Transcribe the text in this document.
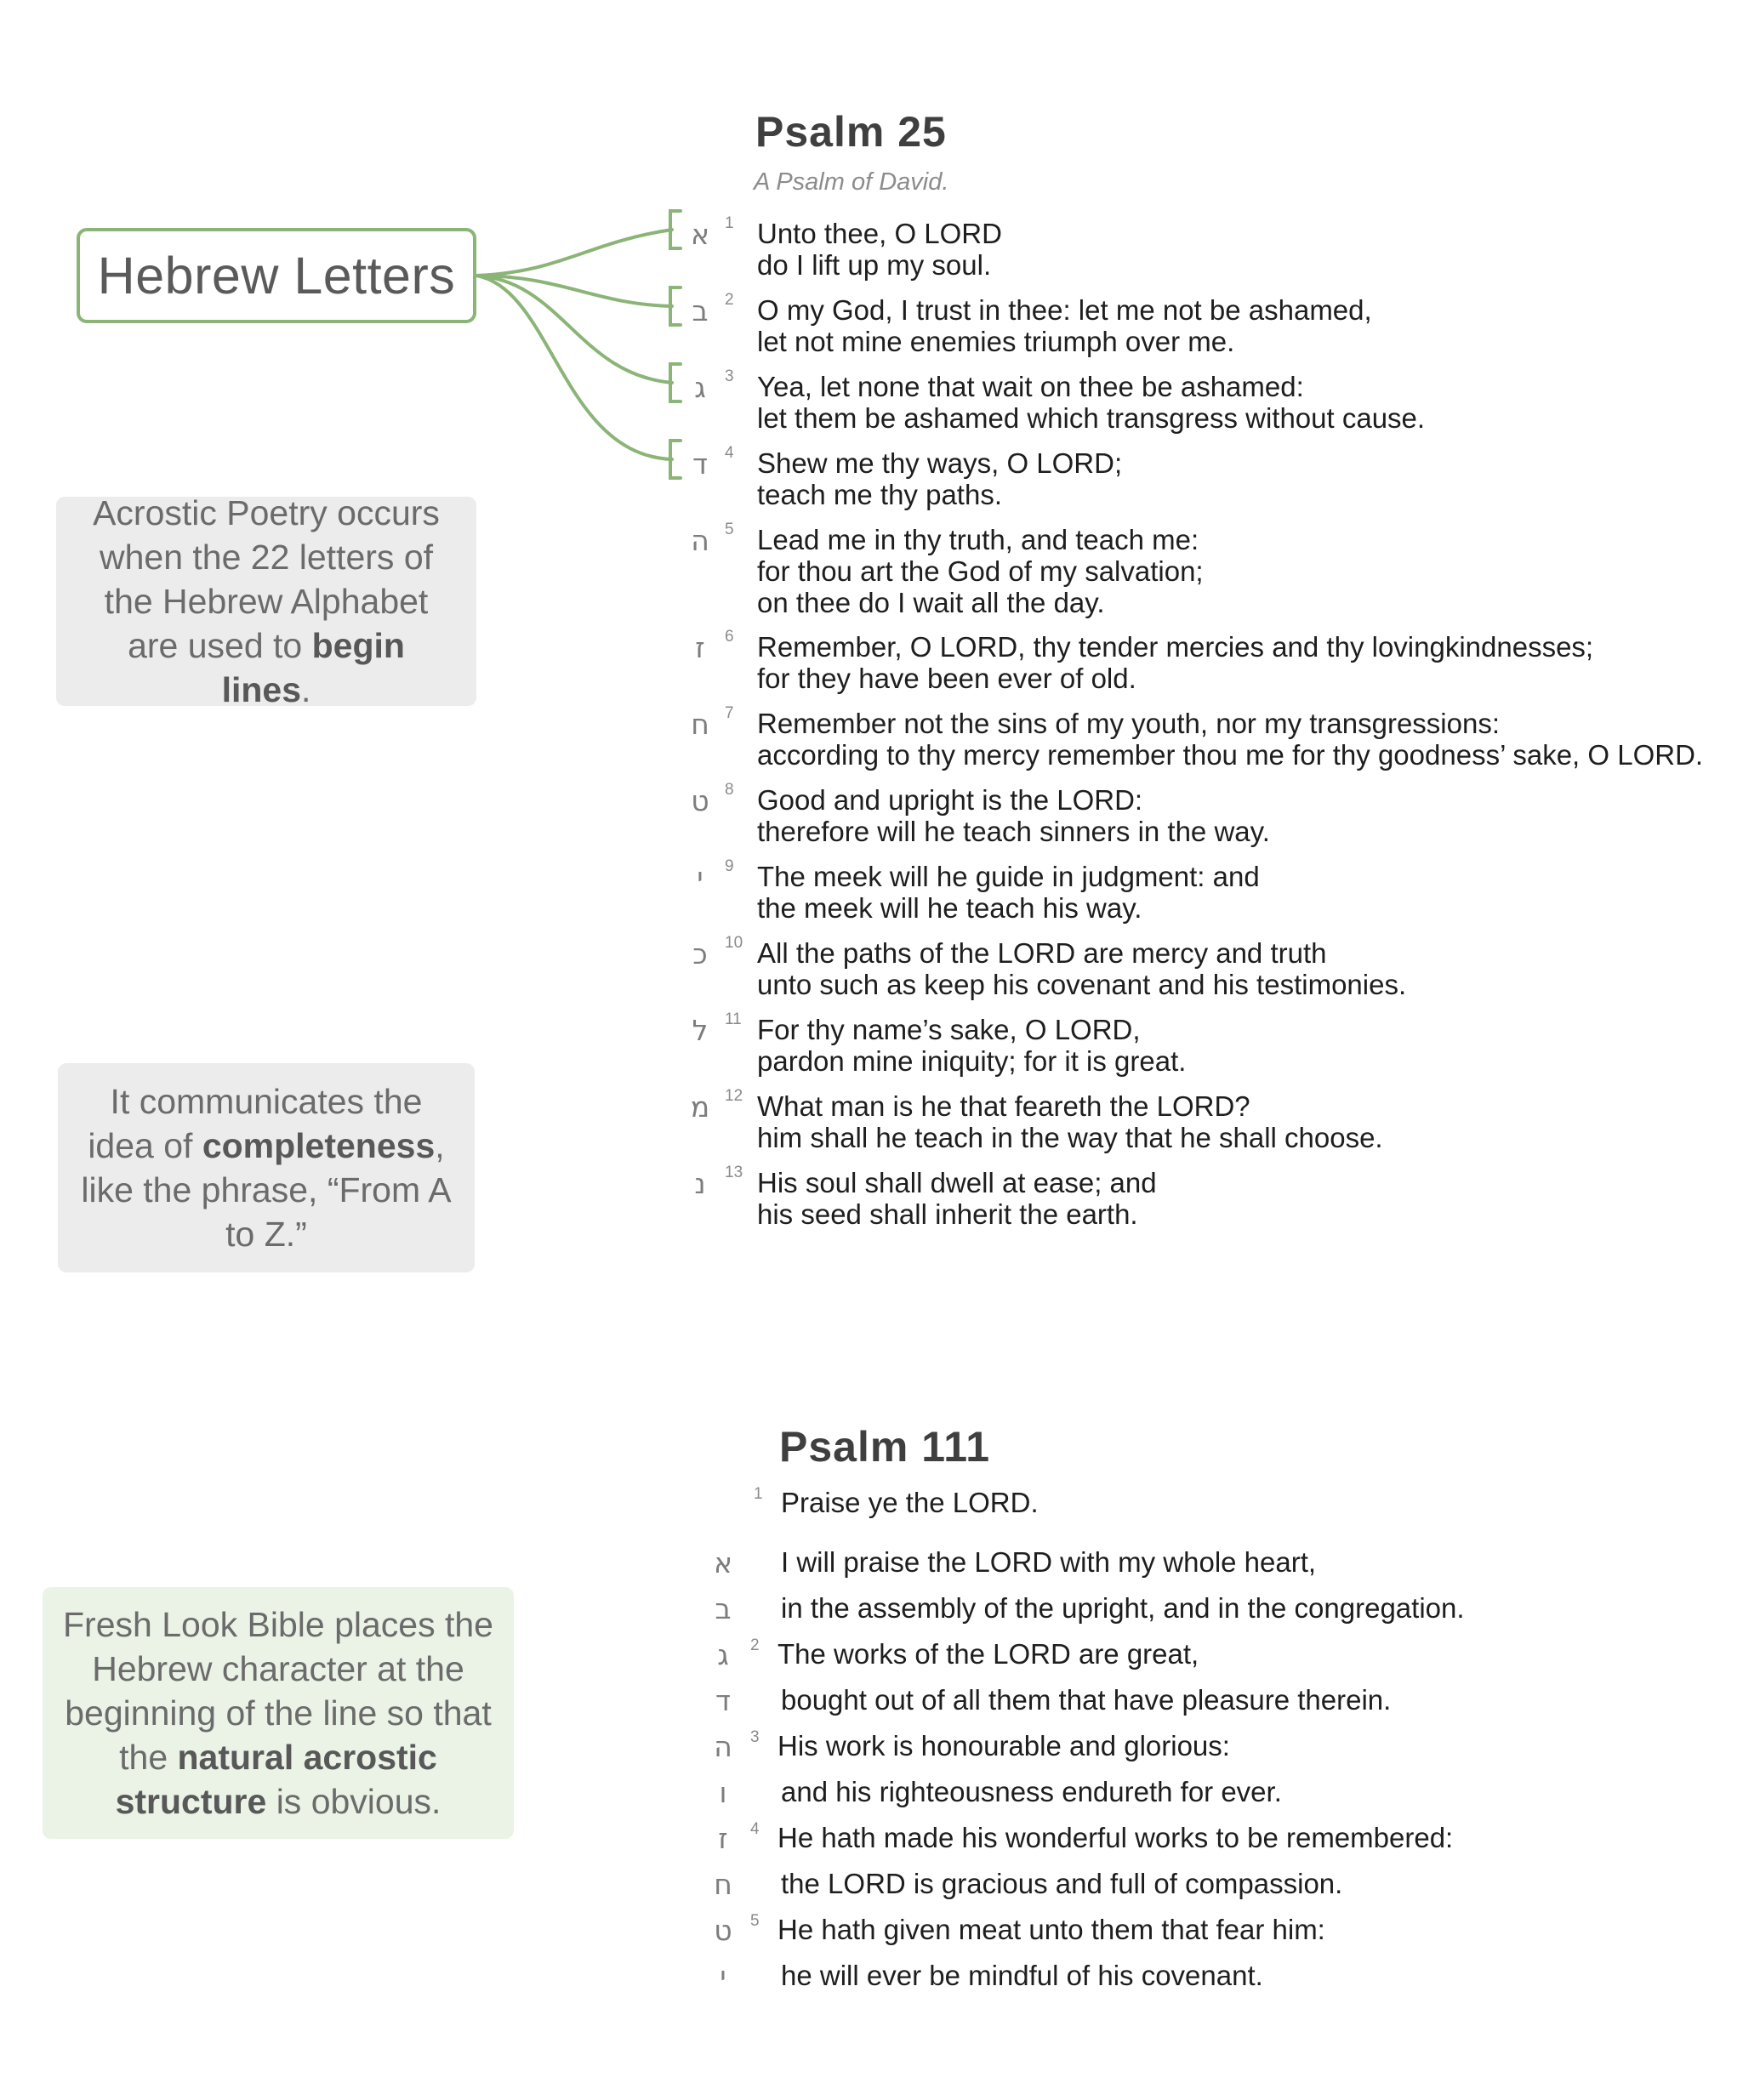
Hebrew Letters
Acrostic Poetry occurs when the 22 letters of the Hebrew Alphabet are used to begin lines.
It communicates the idea of completeness, like the phrase, “From A to Z.”
Fresh Look Bible places the Hebrew character at the beginning of the line so that the natural acrostic structure is obvious.
Psalm 25
A Psalm of David.
א 1 Unto thee, O LORD
do I lift up my soul.
ב	2 O my God, I trust in thee: let me not be ashamed,
let not mine enemies triumph over me.
ג	3 Yea, let none that wait on thee be ashamed:
let them be ashamed which transgress without cause.
ד	4 Shew me thy ways, O LORD;
teach me thy paths.
ה 5 Lead me in thy truth, and teach me:
for thou art the God of my salvation;
on thee do I wait all the day.
ז	6 Remember, O LORD, thy tender mercies and thy lovingkindnesses;
for they have been ever of old.
ח 7 Remember not the sins of my youth, nor my transgressions:
according to thy mercy remember thou me for thy goodness’ sake, O LORD.
ט 8 Good and upright is the LORD:
therefore will he teach sinners in the way.
י	9 The meek will he guide in judgment: and
the meek will he teach his way.
כ	10 All the paths of the LORD are mercy and truth
unto such as keep his covenant and his testimonies.
ל	11 For thy name’s sake, O LORD,
pardon mine iniquity; for it is great.
מ 12 What man is he that feareth the LORD?
him shall he teach in the way that he shall choose.
נ	13 His soul shall dwell at ease; and
his seed shall inherit the earth.
Psalm 111
1 Praise ye the LORD.
א I will praise the LORD with my whole heart,
ב	in the assembly of the upright, and in the congregation.
ג	2 The works of the LORD are great,
ד	bought out of all them that have pleasure therein.
ה	3 His work is honourable and glorious:
ו	and his righteousness endureth for ever.
ז	4 He hath made his wonderful works to be remembered:
ח the LORD is gracious and full of compassion.
ט	5 He hath given meat unto them that fear him:
י	he will ever be mindful of his covenant.
